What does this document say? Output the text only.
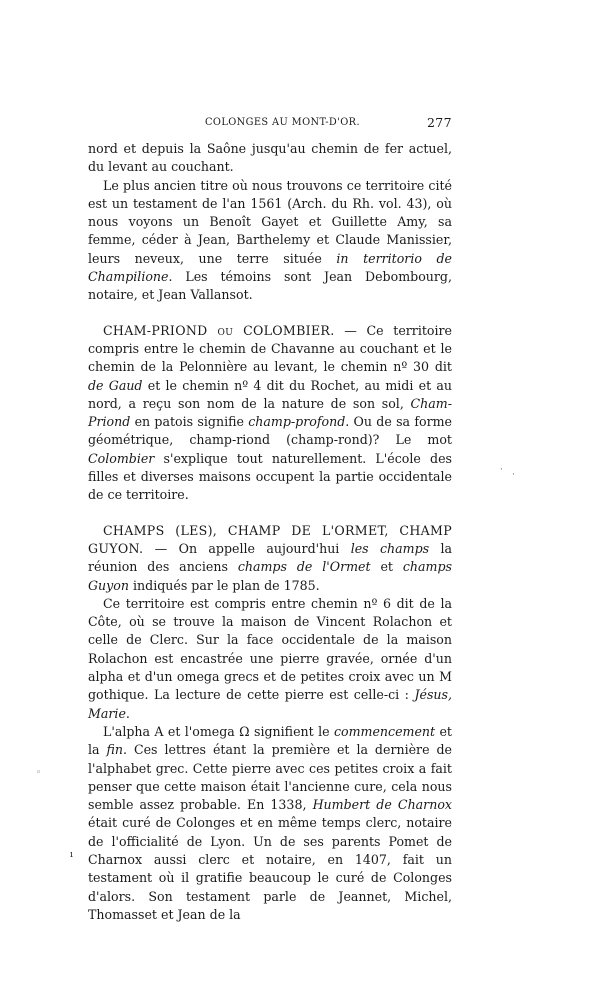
COLONGES AU MONT-D'OR.	277

nord et depuis la Saône jusqu'au chemin de fer actuel, du levant au couchant.

Le plus ancien titre où nous trouvons ce territoire cité est un testament de l'an 1561 (Arch. du Rh. vol. 43), où nous voyons un Benoît Gayet et Guillette Amy, sa femme, céder à Jean, Barthelemy et Claude Manissier, leurs neveux, une terre située in territorio de Champilione. Les témoins sont Jean Debombourg, notaire, et Jean Vallansot.

CHAM-PRIOND ou COLOMBIER. — Ce territoire compris entre le chemin de Chavanne au couchant et le chemin de la Pelonnière au levant, le chemin nº 30 dit de Gaud et le chemin nº 4 dit du Rochet, au midi et au nord, a reçu son nom de la nature de son sol, Cham-Priond en patois signifie champ-profond. Ou de sa forme géométrique, champ-riond (champ-rond)? Le mot Colombier s'explique tout naturellement. L'école des filles et diverses maisons occupent la partie occidentale de ce territoire.

CHAMPS (LES), CHAMP DE L'ORMET, CHAMP GUYON. — On appelle aujourd'hui les champs la réunion des anciens champs de l'Ormet et champs Guyon indiqués par le plan de 1785.

Ce territoire est compris entre chemin nº 6 dit de la Côte, où se trouve la maison de Vincent Rolachon et celle de Clerc. Sur la face occidentale de la maison Rolachon est encastrée une pierre gravée, ornée d'un alpha et d'un omega grecs et de petites croix avec un M gothique. La lecture de cette pierre est celle-ci : Jésus, Marie.

L'alpha A et l'omega Ω signifient le commencement et la fin. Ces lettres étant la première et la dernière de l'alphabet grec. Cette pierre avec ces petites croix a fait penser que cette maison était l'ancienne cure, cela nous semble assez probable. En 1338, Humbert de Charnox était curé de Colonges et en même temps clerc, notaire de l'officialité de Lyon. Un de ses parents Pomet de Charnox aussi clerc et notaire, en 1407, fait un testament où il gratifie beaucoup le curé de Colonges d'alors. Son testament parle de Jeannet, Michel, Thomasset et Jean de la

◦
ı
· ·
